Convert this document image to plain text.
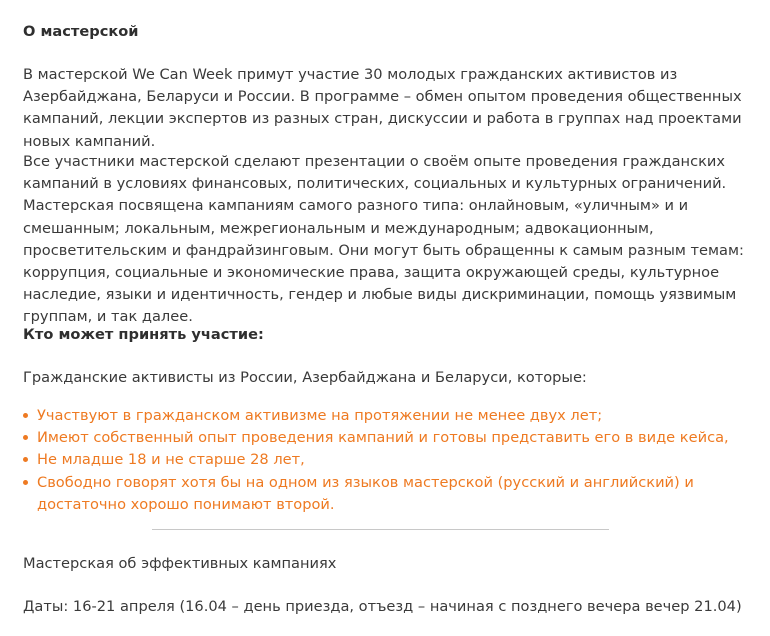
О мастерской

В мастерской We Can Week примут участие 30 молодых гражданских активистов из Азербайджана, Беларуси и России. В программе – обмен опытом проведения общественных кампаний, лекции экспертов из разных стран, дискуссии и работа в группах над проектами новых кампаний.

Все участники мастерской сделают презентации о своём опыте проведения гражданских кампаний в условиях финансовых, политических, социальных и культурных ограничений. Мастерская посвящена кампаниям самого разного типа: онлайновым, «уличным» и и смешанным; локальным, межрегиональным и международным; адвокационным, просветительским и фандрайзинговым. Они могут быть обращенны к самым разным темам: коррупция, социальные и экономические права, защита окружающей среды, культурное наследие, языки и идентичность, гендер и любые виды дискриминации, помощь уязвимым группам, и так далее.

Кто может принять участие:

Гражданские активисты из России, Азербайджана и Беларуси, которые:

Участвуют в гражданском активизме на протяжении не менее двух лет;
Имеют собственный опыт проведения кампаний и готовы представить его в виде кейса,
Не младше 18 и не старше 28 лет,
Свободно говорят хотя бы на одном из языков мастерской (русский и английский) и достаточно хорошо понимают второй.

Мастерская об эффективных кампаниях

Даты: 16-21 апреля (16.04 – день приезда, отъезд – начиная с позднего вечера вечер 21.04)
